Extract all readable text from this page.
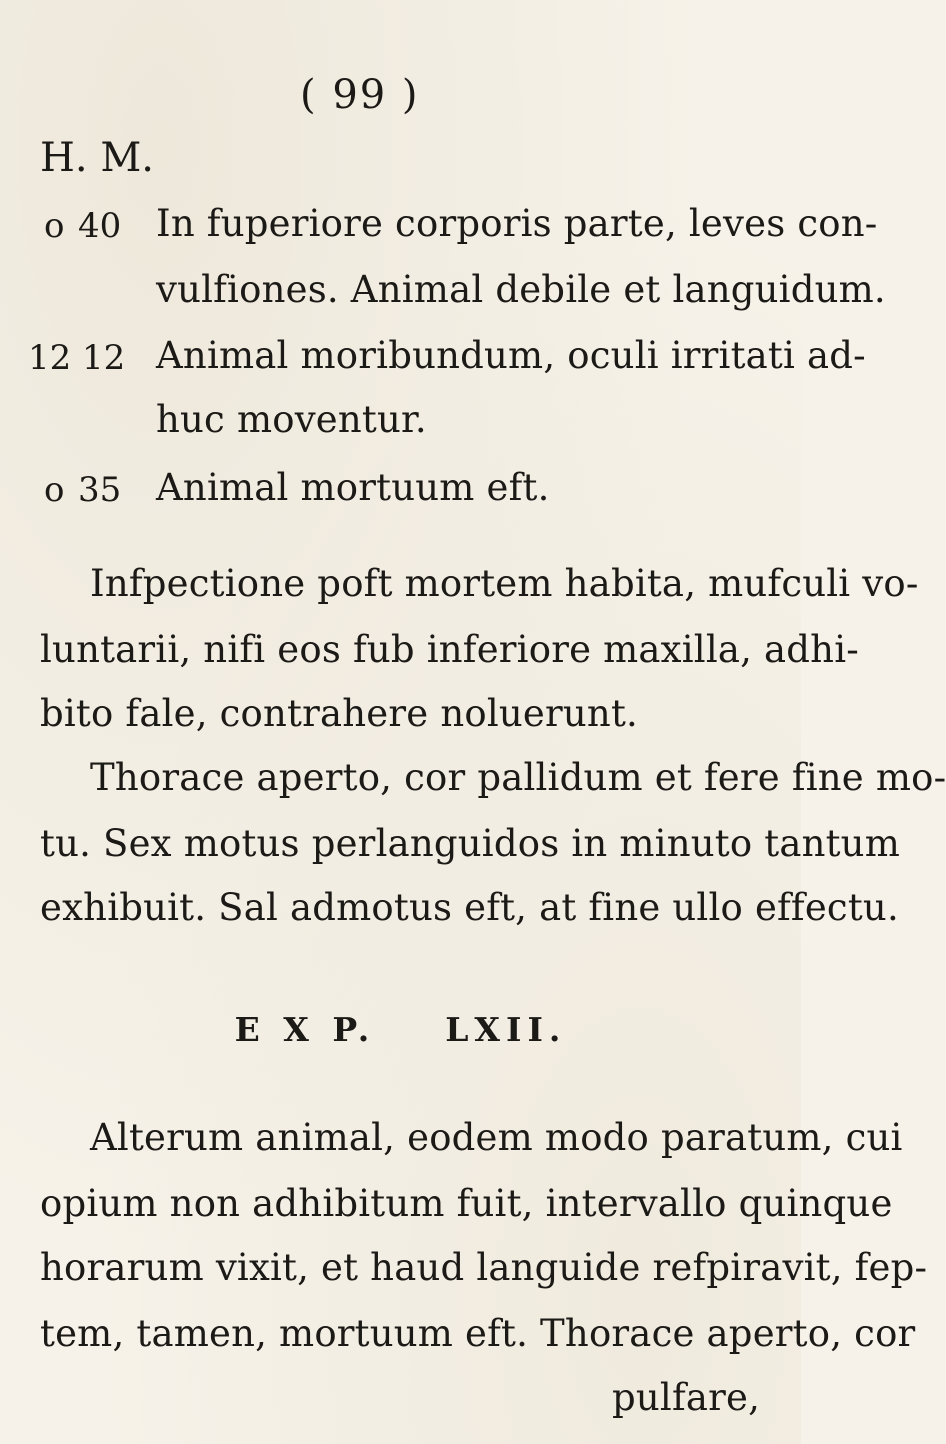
( 99 )
H. M.
o 40 In fuperiore corporis parte, leves con-
vulfiones. Animal debile et languidum.
12 12 Animal moribundum, oculi irritati ad-
huc moventur.
o 35 Animal mortuum eft.
Infpectione poft mortem habita, mufculi vo-
luntarii, nifi eos fub inferiore maxilla, adhi-
bito fale, contrahere noluerunt.
Thorace aperto, cor pallidum et fere fine mo-
tu. Sex motus perlanguidos in minuto tantum
exhibuit. Sal admotus eft, at fine ullo effectu.
E X P. LXII.
Alterum animal, eodem modo paratum, cui
opium non adhibitum fuit, intervallo quinque
horarum vixit, et haud languide refpiravit, fep-
tem, tamen, mortuum eft. Thorace aperto, cor
pulfare,
